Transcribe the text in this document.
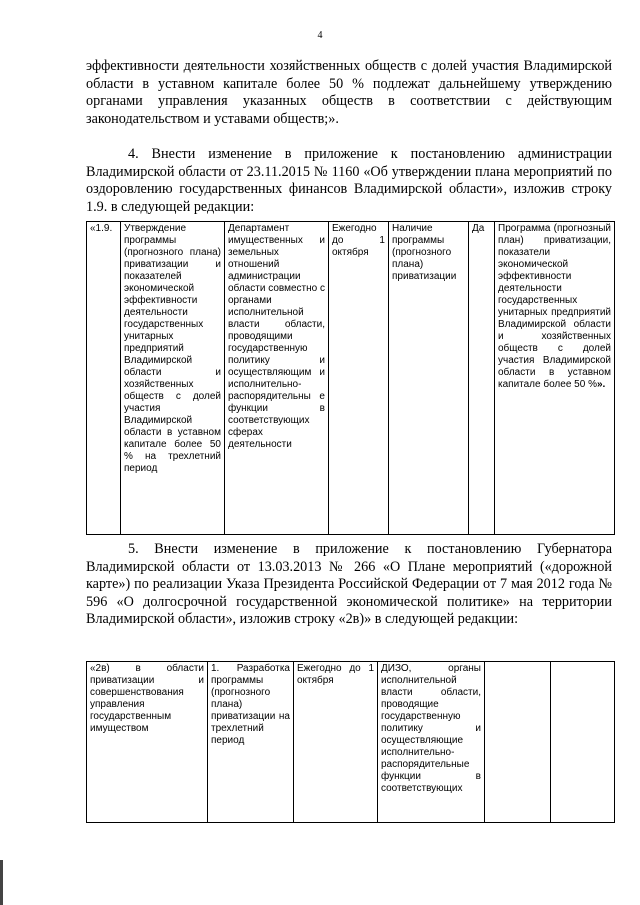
4

эффективности деятельности хозяйственных обществ с долей участия Владимирской области в уставном капитале более 50 % подлежат дальнейшему утверждению органами управления указанных обществ в соответствии с действующим законодательством и уставами обществ;».

4. Внести изменение в приложение к постановлению администрации Владимирской области от 23.11.2015 № 1160 «Об утверждении плана мероприятий по оздоровлению государственных финансов Владимирской области», изложив строку 1.9. в следующей редакции:

«1.9.	Утверждение программы (прогнозного плана) приватизации и показателей экономической эффективности деятельности государственных унитарных предприятий Владимирской области и хозяйственных обществ с долей участия Владимирской области в уставном капитале более 50 % на трехлетний период	Департамент имущественных и земельных отношений администрации области совместно с органами исполнительной власти области, проводящими государственную политику и осуществляющим и исполнительно-распорядительны е функции в соответствующих сферах деятельности	Ежегодно до 1 октября	Наличие программы (прогнозного плана) приватизации	Да	Программа (прогнозный план) приватизации, показатели экономической эффективности деятельности государственных унитарных предприятий Владимирской области и хозяйственных обществ с долей участия Владимирской области в уставном капитале более 50 %».

5. Внести изменение в приложение к постановлению Губернатора Владимирской области от 13.03.2013 № 266 «О Плане мероприятий («дорожной карте») по реализации Указа Президента Российской Федерации от 7 мая 2012 года № 596 «О долгосрочной государственной экономической политике» на территории Владимирской области», изложив строку «2в)» в следующей редакции:

«2в) в области приватизации и совершенствования управления государственным имуществом	1. Разработка программы (прогнозного плана) приватизации на трехлетний период	Ежегодно до 1 октября	ДИЗО, органы исполнительной власти области, проводящие государственную политику и осуществляющие исполнительно-распорядительные функции в соответствующих		
